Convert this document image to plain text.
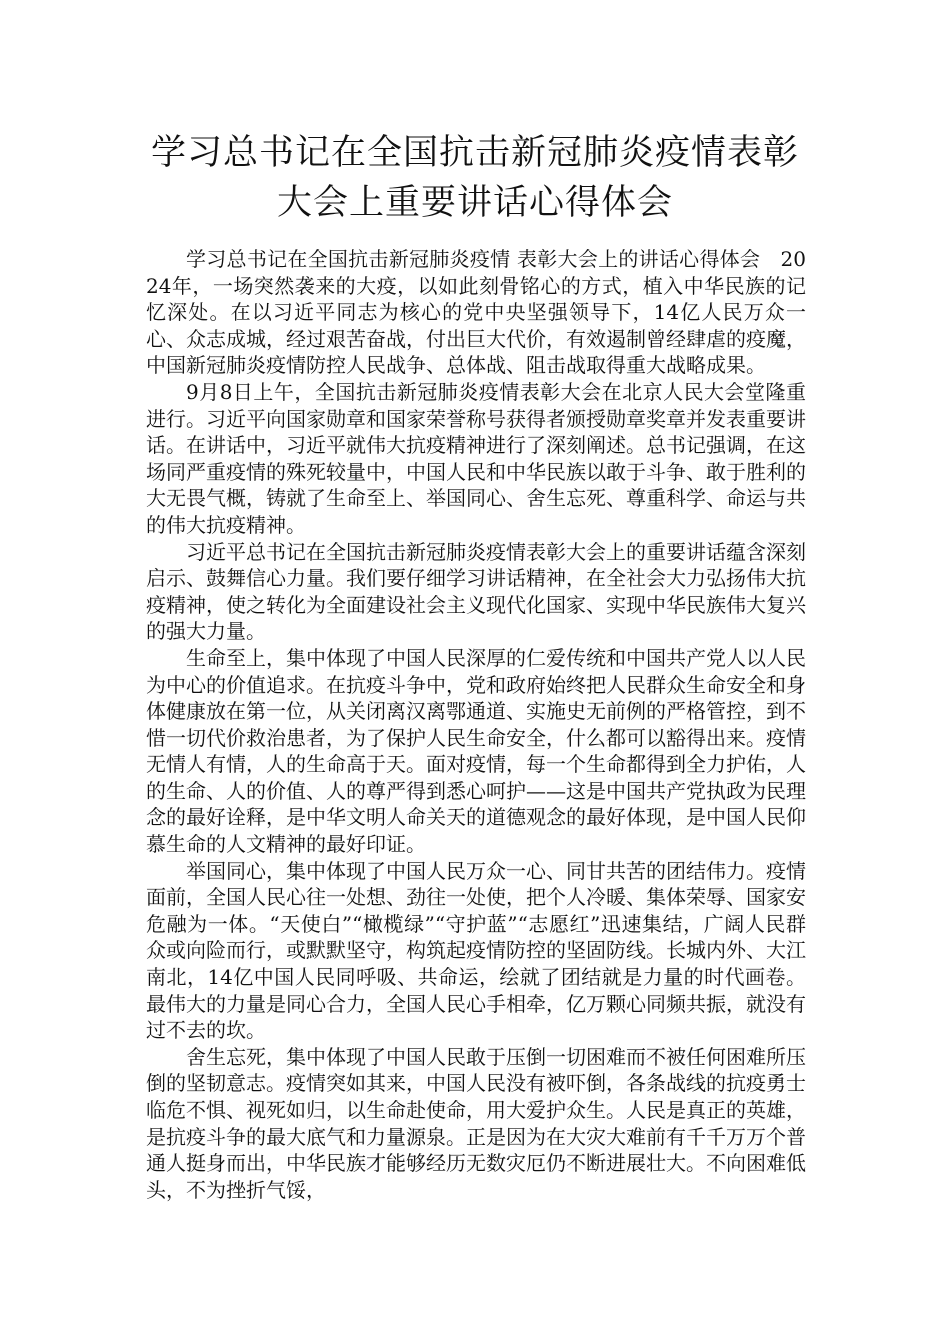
学习总书记在全国抗击新冠肺炎疫情表彰
大会上重要讲话心得体会

学习总书记在全国抗击新冠肺炎疫情 表彰大会上的讲话心得体会　2024年，一场突然袭来的大疫，以如此刻骨铭心的方式，植入中华民族的记忆深处。在以习近平同志为核心的党中央坚强领导下，14亿人民万众一心、众志成城，经过艰苦奋战，付出巨大代价，有效遏制曾经肆虐的疫魔，中国新冠肺炎疫情防控人民战争、总体战、阻击战取得重大战略成果。

9月8日上午，全国抗击新冠肺炎疫情表彰大会在北京人民大会堂隆重进行。习近平向国家勋章和国家荣誉称号获得者颁授勋章奖章并发表重要讲话。在讲话中，习近平就伟大抗疫精神进行了深刻阐述。总书记强调，在这场同严重疫情的殊死较量中，中国人民和中华民族以敢于斗争、敢于胜利的大无畏气概，铸就了生命至上、举国同心、舍生忘死、尊重科学、命运与共的伟大抗疫精神。

习近平总书记在全国抗击新冠肺炎疫情表彰大会上的重要讲话蕴含深刻启示、鼓舞信心力量。我们要仔细学习讲话精神，在全社会大力弘扬伟大抗疫精神，使之转化为全面建设社会主义现代化国家、实现中华民族伟大复兴的强大力量。

生命至上，集中体现了中国人民深厚的仁爱传统和中国共产党人以人民为中心的价值追求。在抗疫斗争中，党和政府始终把人民群众生命安全和身体健康放在第一位，从关闭离汉离鄂通道、实施史无前例的严格管控，到不惜一切代价救治患者，为了保护人民生命安全，什么都可以豁得出来。疫情无情人有情，人的生命高于天。面对疫情，每一个生命都得到全力护佑，人的生命、人的价值、人的尊严得到悉心呵护——这是中国共产党执政为民理念的最好诠释，是中华文明人命关天的道德观念的最好体现，是中国人民仰慕生命的人文精神的最好印证。

举国同心，集中体现了中国人民万众一心、同甘共苦的团结伟力。疫情面前，全国人民心往一处想、劲往一处使，把个人冷暖、集体荣辱、国家安危融为一体。“天使白”“橄榄绿”“守护蓝”“志愿红”迅速集结，广阔人民群众或向险而行，或默默坚守，构筑起疫情防控的坚固防线。长城内外、大江南北，14亿中国人民同呼吸、共命运，绘就了团结就是力量的时代画卷。最伟大的力量是同心合力，全国人民心手相牵，亿万颗心同频共振，就没有过不去的坎。

舍生忘死，集中体现了中国人民敢于压倒一切困难而不被任何困难所压倒的坚韧意志。疫情突如其来，中国人民没有被吓倒，各条战线的抗疫勇士临危不惧、视死如归，以生命赴使命，用大爱护众生。人民是真正的英雄，是抗疫斗争的最大底气和力量源泉。正是因为在大灾大难前有千千万万个普通人挺身而出，中华民族才能够经历无数灾厄仍不断进展壮大。不向困难低头，不为挫折气馁，
